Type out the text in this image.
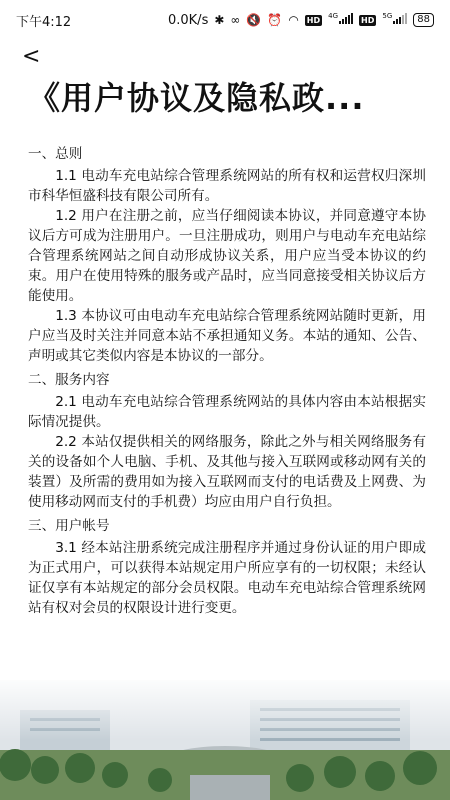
下午4:12	0.0K/s ✱ ∞ 🔇 ⏰ ◠ HD $^{4G}$	HD $^{5G}$	88
<
《用户协议及隐私政...

一、总则

1.1 电动车充电站综合管理系统网站的所有权和运营权归深圳市科华恒盛科技有限公司所有。

1.2 用户在注册之前，应当仔细阅读本协议，并同意遵守本协议后方可成为注册用户。一旦注册成功，则用户与电动车充电站综合管理系统网站之间自动形成协议关系，用户应当受本协议的约束。用户在使用特殊的服务或产品时，应当同意接受相关协议后方能使用。

1.3 本协议可由电动车充电站综合管理系统网站随时更新，用户应当及时关注并同意本站不承担通知义务。本站的通知、公告、声明或其它类似内容是本协议的一部分。

二、服务内容

2.1 电动车充电站综合管理系统网站的具体内容由本站根据实际情况提供。

2.2 本站仅提供相关的网络服务，除此之外与相关网络服务有关的设备如个人电脑、手机、及其他与接入互联网或移动网有关的装置）及所需的费用如为接入互联网而支付的电话费及上网费、为使用移动网而支付的手机费）均应由用户自行负担。

三、用户帐号

3.1 经本站注册系统完成注册程序并通过身份认证的用户即成为正式用户，可以获得本站规定用户所应享有的一切权限；未经认证仅享有本站规定的部分会员权限。电动车充电站综合管理系统网站有权对会员的权限设计进行变更。
